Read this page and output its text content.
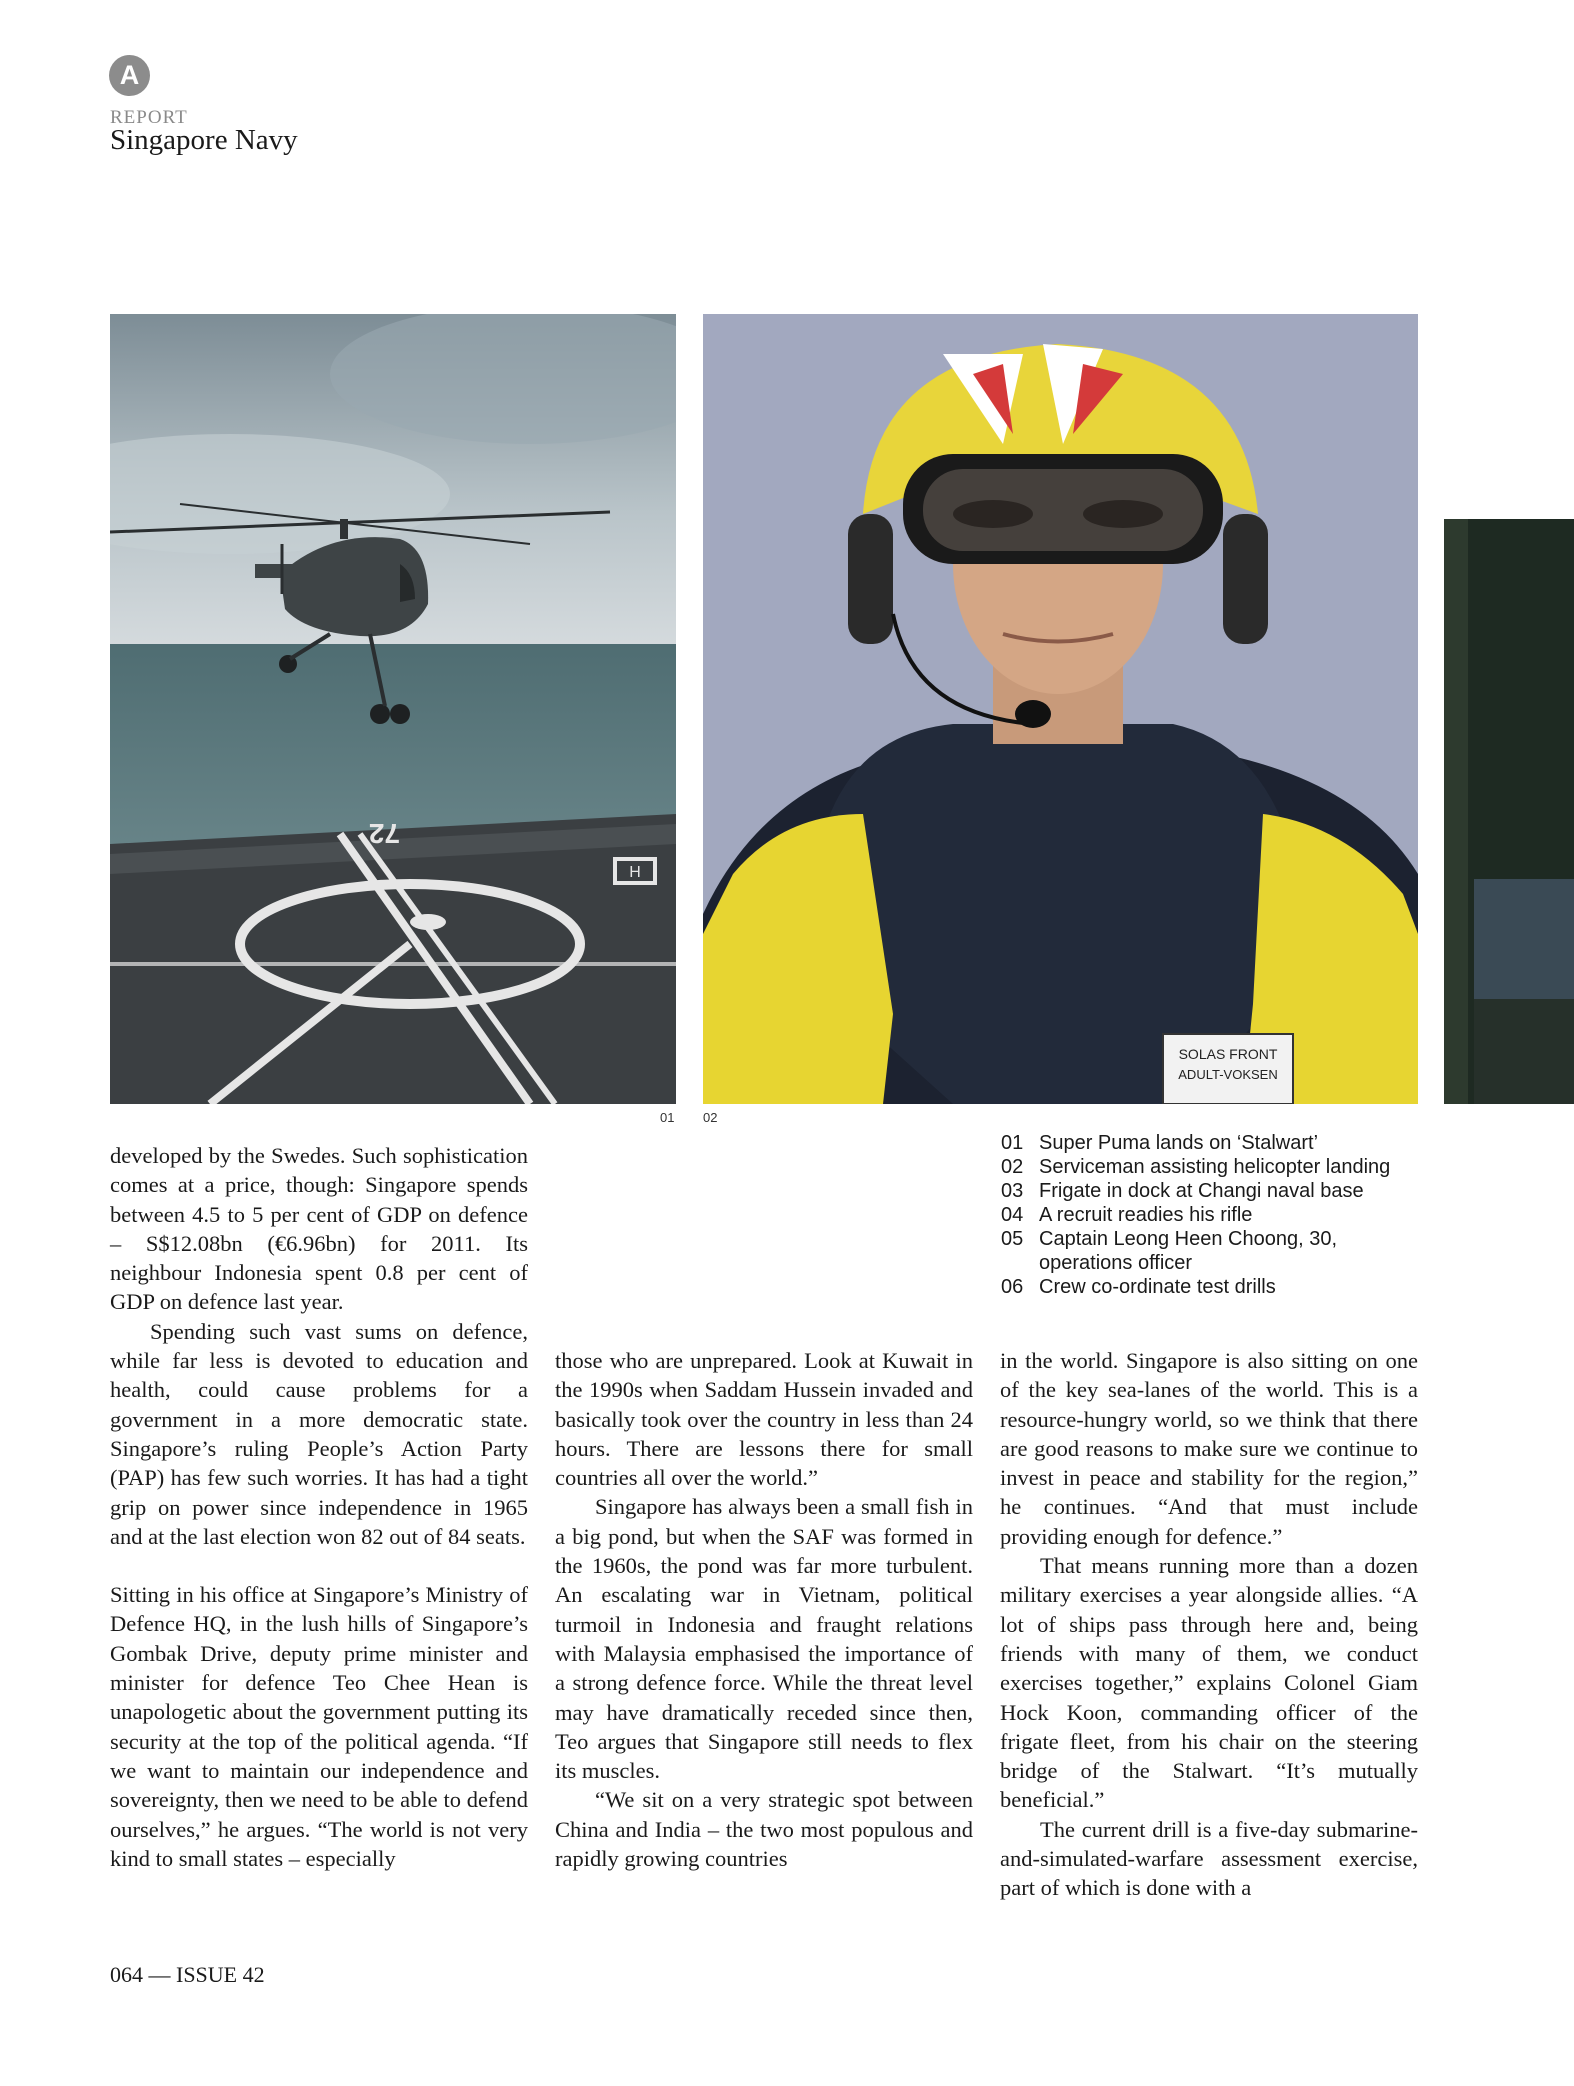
A
REPORT
Singapore Navy
H
72
SOLAS FRONT
ADULT-VOKSEN
01 02
01 Super Puma lands on ‘Stalwart’
02 Serviceman assisting helicopter landing
03 Frigate in dock at Changi naval base
04 A recruit readies his rifle
05 Captain Leong Heen Choong, 30, operations officer
06 Crew co-ordinate test drills

developed by the Swedes. Such sophistication comes at a price, though: Singapore spends between 4.5 to 5 per cent of GDP on defence – S$12.08bn (€6.96bn) for 2011. Its neighbour Indonesia spent 0.8 per cent of GDP on defence last year.

Spending such vast sums on defence, while far less is devoted to education and health, could cause problems for a government in a more democratic state. Singapore’s ruling People’s Action Party (PAP) has few such worries. It has had a tight grip on power since independence in 1965 and at the last election won 82 out of 84 seats.

Sitting in his office at Singapore’s Ministry of Defence HQ, in the lush hills of Singapore’s Gombak Drive, deputy prime minister and minister for defence Teo Chee Hean is unapologetic about the government putting its security at the top of the political agenda. “If we want to maintain our independence and sovereignty, then we need to be able to defend ourselves,” he argues. “The world is not very kind to small states – especially

those who are unprepared. Look at Kuwait in the 1990s when Saddam Hussein invaded and basically took over the country in less than 24 hours. There are lessons there for small countries all over the world.”

Singapore has always been a small fish in a big pond, but when the SAF was formed in the 1960s, the pond was far more turbulent. An escalating war in Vietnam, political turmoil in Indonesia and fraught relations with Malaysia emphasised the importance of a strong defence force. While the threat level may have dramatically receded since then, Teo argues that Singapore still needs to flex its muscles.

“We sit on a very strategic spot between China and India – the two most populous and rapidly growing countries

in the world. Singapore is also sitting on one of the key sea-lanes of the world. This is a resource-hungry world, so we think that there are good reasons to make sure we continue to invest in peace and stability for the region,” he continues. “And that must include providing enough for defence.”

That means running more than a dozen military exercises a year alongside allies. “A lot of ships pass through here and, being friends with many of them, we conduct exercises together,” explains Colonel Giam Hock Koon, commanding officer of the frigate fleet, from his chair on the steering bridge of the Stalwart. “It’s mutually beneficial.”

The current drill is a five-day submarine-and-simulated-warfare assessment exercise, part of which is done with a

064 — ISSUE 42
